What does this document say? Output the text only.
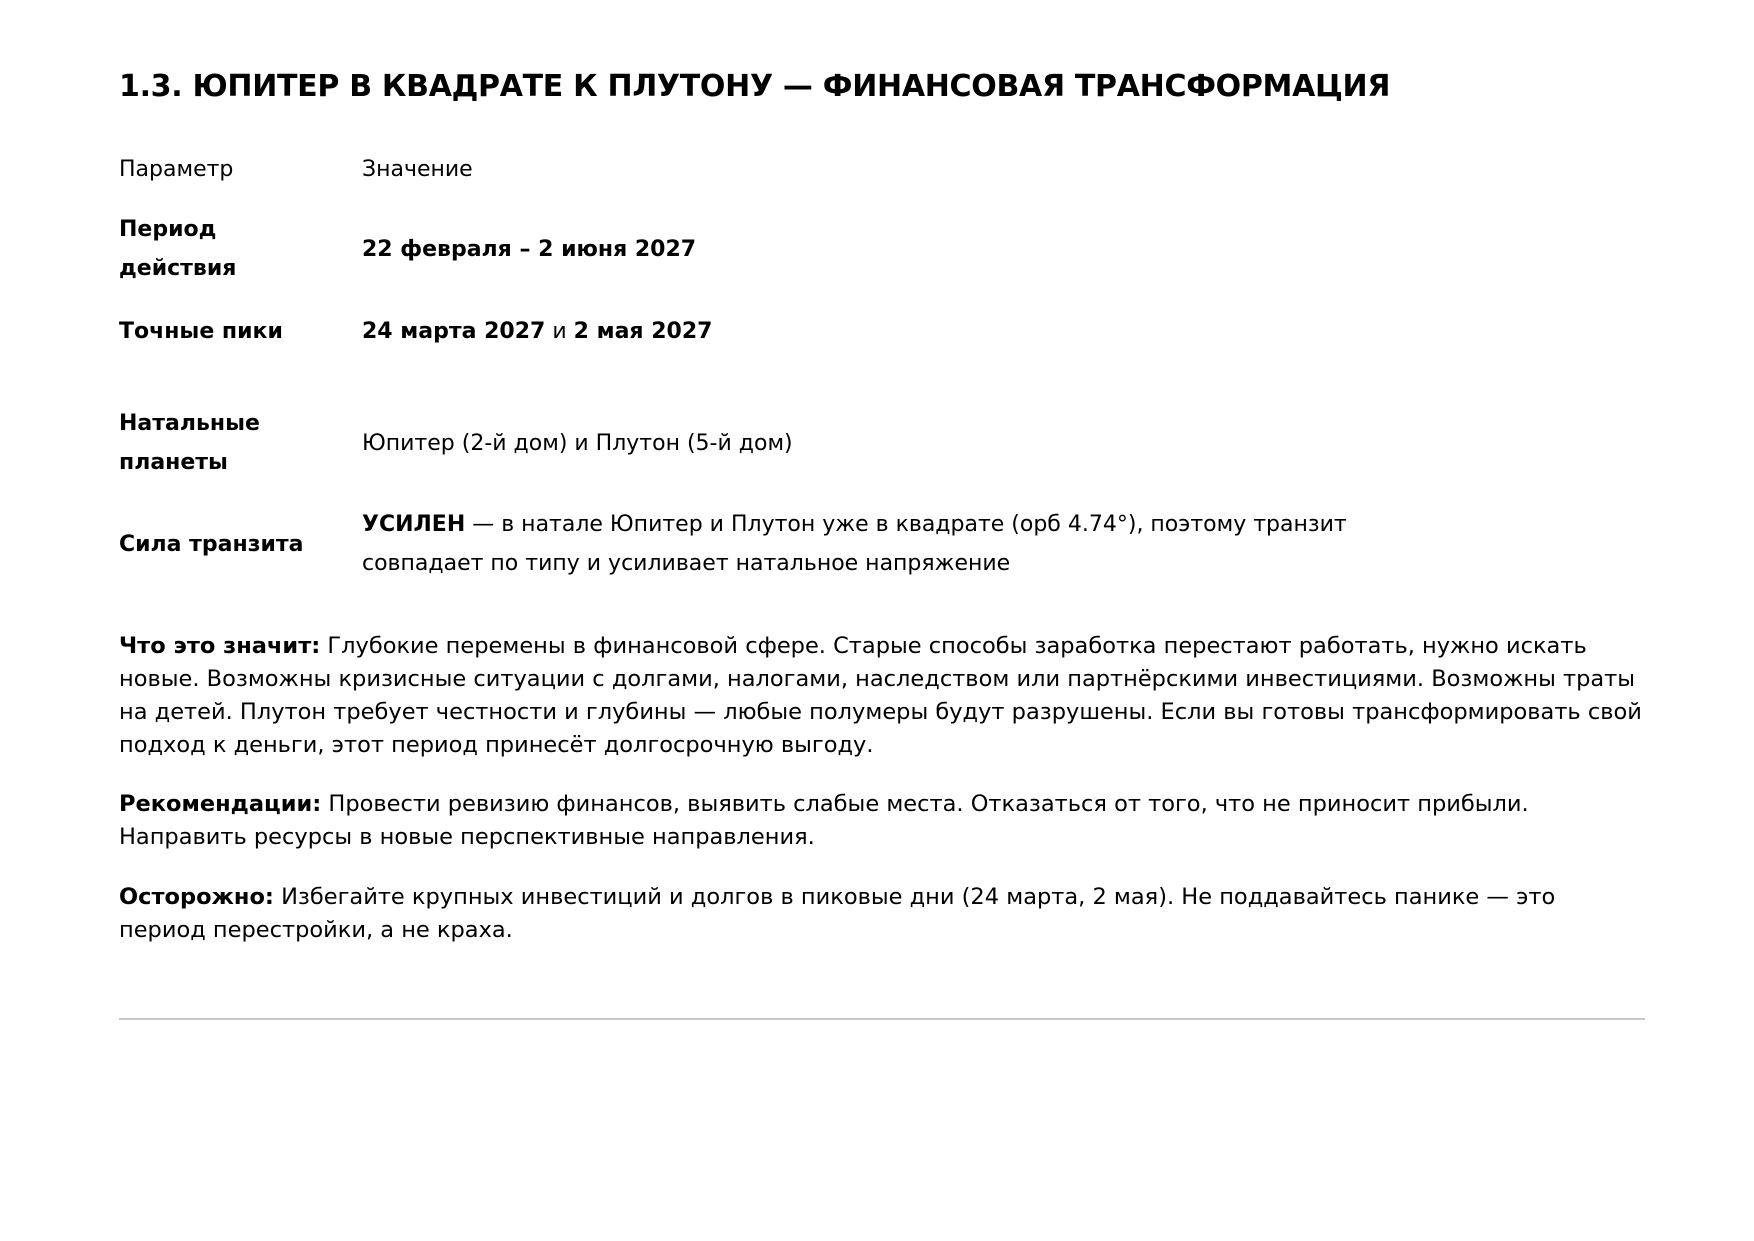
1.3. ЮПИТЕР В КВАДРАТЕ К ПЛУТОНУ — ФИНАНСОВАЯ ТРАНСФОРМАЦИЯ
Параметр	Значение
Период действия
22 февраля – 2 июня 2027
Точные пики	24 марта 2027 и 2 мая 2027
Натальные планеты
Юпитер (2-й дом) и Плутон (5-й дом)
Сила транзита
УСИЛЕН — в натале Юпитер и Плутон уже в квадрате (орб 4.74°), поэтому транзит совпадает по типу и усиливает натальное напряжение

Что это значит: Глубокие перемены в финансовой сфере. Старые способы заработка перестают работать, нужно искать новые. Возможны кризисные ситуации с долгами, налогами, наследством или партнёрскими инвестициями. Возможны траты на детей. Плутон требует честности и глубины — любые полумеры будут разрушены. Если вы готовы трансформировать свой подход к деньги, этот период принесёт долгосрочную выгоду.

Рекомендации: Провести ревизию финансов, выявить слабые места. Отказаться от того, что не приносит прибыли. Направить ресурсы в новые перспективные направления.

Осторожно: Избегайте крупных инвестиций и долгов в пиковые дни (24 марта, 2 мая). Не поддавайтесь панике — это период перестройки, а не краха.
